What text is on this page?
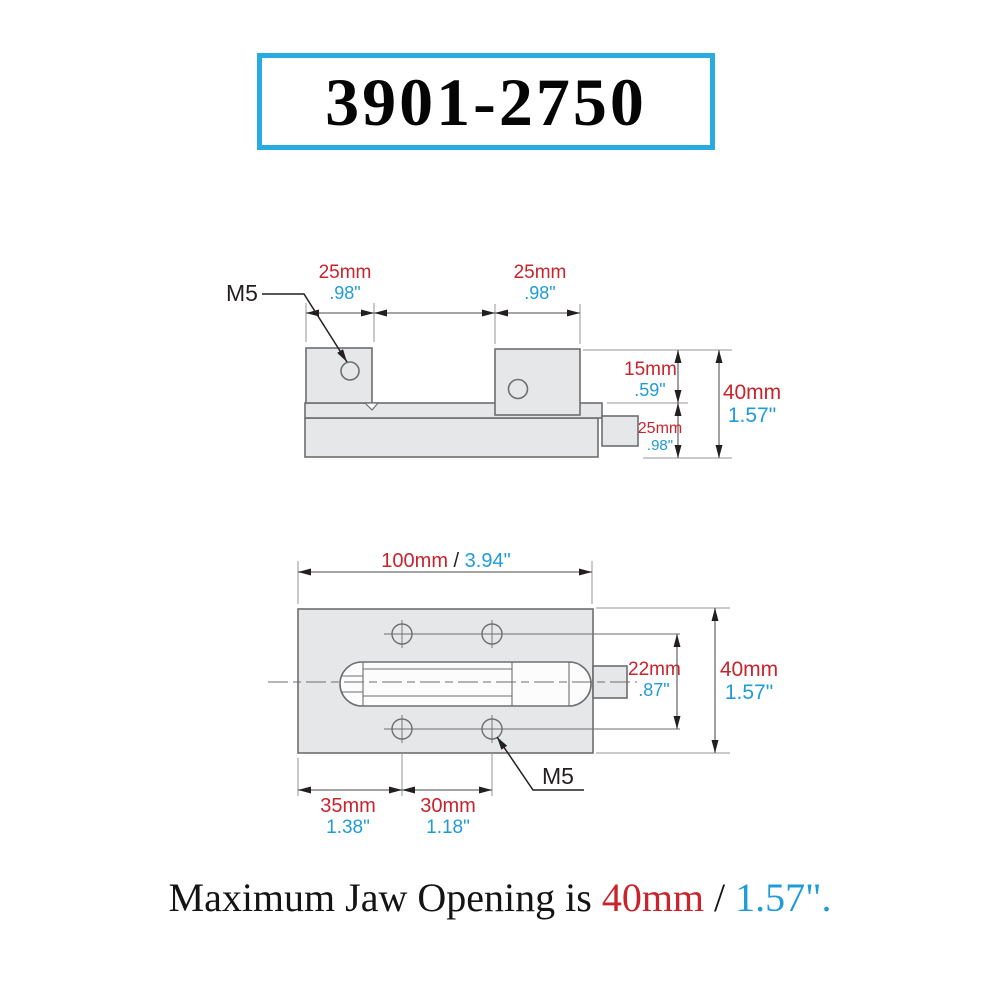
3901-2750
M5
25mm
.98"
25mm
.98"
15mm
.59"
25mm
.98"
40mm
1.57"
100mm / 3.94"
22mm
.87"
40mm
1.57"
35mm
1.38"
30mm
1.18"
M5
Maximum Jaw Opening is 40mm / 1.57".
